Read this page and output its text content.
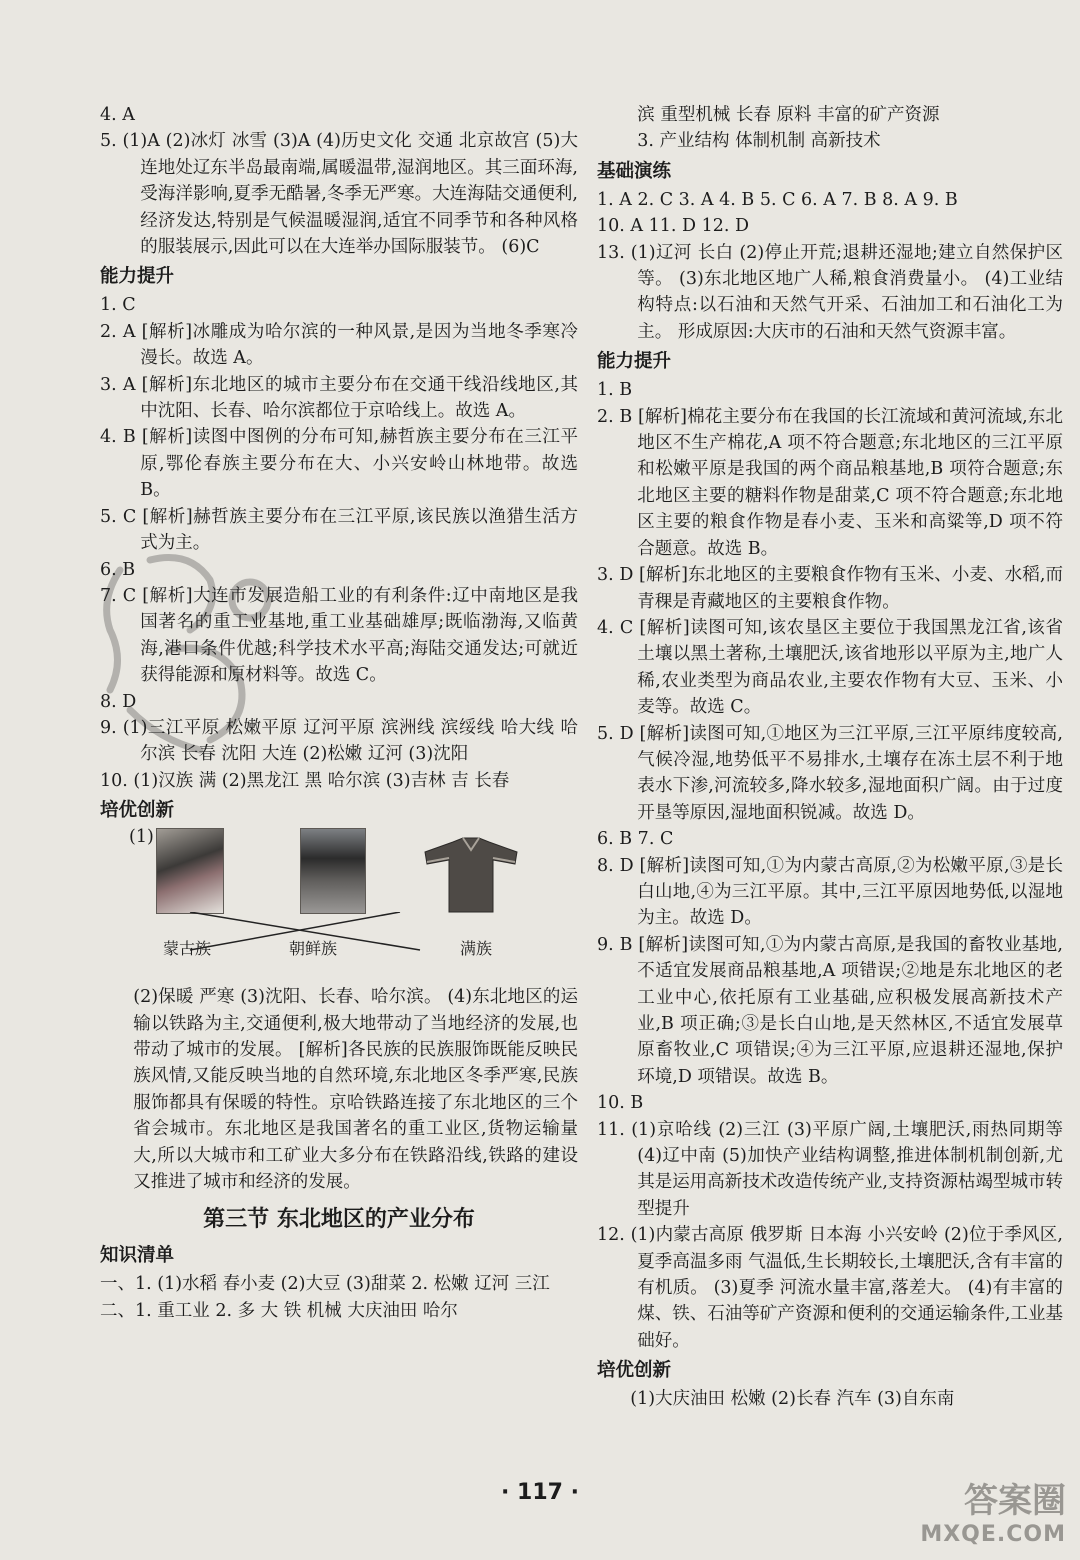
4. A

5. (1)A (2)冰灯 冰雪 (3)A (4)历史文化 交通 北京故宫 (5)大连地处辽东半岛最南端,属暖温带,湿润地区。其三面环海,受海洋影响,夏季无酷暑,冬季无严寒。大连海陆交通便利,经济发达,特别是气候温暖湿润,适宜不同季节和各种风格的服装展示,因此可以在大连举办国际服装节。 (6)C

能力提升

1. C

2. A [解析]冰雕成为哈尔滨的一种风景,是因为当地冬季寒冷漫长。故选 A。

3. A [解析]东北地区的城市主要分布在交通干线沿线地区,其中沈阳、长春、哈尔滨都位于京哈线上。故选 A。

4. B [解析]读图中图例的分布可知,赫哲族主要分布在三江平原,鄂伦春族主要分布在大、小兴安岭山林地带。故选 B。

5. C [解析]赫哲族主要分布在三江平原,该民族以渔猎生活方式为主。

6. B

7. C [解析]大连市发展造船工业的有利条件:辽中南地区是我国著名的重工业基地,重工业基础雄厚;既临渤海,又临黄海,港口条件优越;科学技术水平高;海陆交通发达;可就近获得能源和原材料等。故选 C。

8. D

9. (1)三江平原 松嫩平原 辽河平原 滨洲线 滨绥线 哈大线 哈尔滨 长春 沈阳 大连 (2)松嫩 辽河 (3)沈阳

10. (1)汉族 满 (2)黑龙江 黑 哈尔滨 (3)吉林 吉 长春

培优创新
(1)
蒙古族	朝鲜族	满族

(2)保暖 严寒 (3)沈阳、长春、哈尔滨。 (4)东北地区的运输以铁路为主,交通便利,极大地带动了当地经济的发展,也带动了城市的发展。 [解析]各民族的民族服饰既能反映民族风情,又能反映当地的自然环境,东北地区冬季严寒,民族服饰都具有保暖的特性。京哈铁路连接了东北地区的三个省会城市。东北地区是我国著名的重工业区,货物运输量大,所以大城市和工矿业大多分布在铁路沿线,铁路的建设又推进了城市和经济的发展。

第三节 东北地区的产业分布
知识清单

一、1. (1)水稻 春小麦 (2)大豆 (3)甜菜 2. 松嫩 辽河 三江

二、1. 重工业 2. 多 大 铁 机械 大庆油田 哈尔

滨 重型机械 长春 原料 丰富的矿产资源

3. 产业结构 体制机制 高新技术

基础演练

1. A 2. C 3. A 4. B 5. C 6. A 7. B 8. A 9. B

10. A 11. D 12. D

13. (1)辽河 长白 (2)停止开荒;退耕还湿地;建立自然保护区等。 (3)东北地区地广人稀,粮食消费量小。 (4)工业结构特点:以石油和天然气开采、石油加工和石油化工为主。 形成原因:大庆市的石油和天然气资源丰富。

能力提升

1. B

2. B [解析]棉花主要分布在我国的长江流域和黄河流域,东北地区不生产棉花,A 项不符合题意;东北地区的三江平原和松嫩平原是我国的两个商品粮基地,B 项符合题意;东北地区主要的糖料作物是甜菜,C 项不符合题意;东北地区主要的粮食作物是春小麦、玉米和高粱等,D 项不符合题意。故选 B。

3. D [解析]东北地区的主要粮食作物有玉米、小麦、水稻,而青稞是青藏地区的主要粮食作物。

4. C [解析]读图可知,该农垦区主要位于我国黑龙江省,该省土壤以黑土著称,土壤肥沃,该省地形以平原为主,地广人稀,农业类型为商品农业,主要农作物有大豆、玉米、小麦等。故选 C。

5. D [解析]读图可知,①地区为三江平原,三江平原纬度较高,气候冷湿,地势低平不易排水,土壤存在冻土层不利于地表水下渗,河流较多,降水较多,湿地面积广阔。由于过度开垦等原因,湿地面积锐减。故选 D。

6. B 7. C

8. D [解析]读图可知,①为内蒙古高原,②为松嫩平原,③是长白山地,④为三江平原。其中,三江平原因地势低,以湿地为主。故选 D。

9. B [解析]读图可知,①为内蒙古高原,是我国的畜牧业基地,不适宜发展商品粮基地,A 项错误;②地是东北地区的老工业中心,依托原有工业基础,应积极发展高新技术产业,B 项正确;③是长白山地,是天然林区,不适宜发展草原畜牧业,C 项错误;④为三江平原,应退耕还湿地,保护环境,D 项错误。故选 B。

10. B

11. (1)京哈线 (2)三江 (3)平原广阔,土壤肥沃,雨热同期等 (4)辽中南 (5)加快产业结构调整,推进体制机制创新,尤其是运用高新技术改造传统产业,支持资源枯竭型城市转型提升

12. (1)内蒙古高原 俄罗斯 日本海 小兴安岭 (2)位于季风区,夏季高温多雨 气温低,生长期较长,土壤肥沃,含有丰富的有机质。 (3)夏季 河流水量丰富,落差大。 (4)有丰富的煤、铁、石油等矿产资源和便利的交通运输条件,工业基础好。

培优创新

(1)大庆油田 松嫩 (2)长春 汽车 (3)自东南

· 117 ·	答案圈
MXQE.COM
